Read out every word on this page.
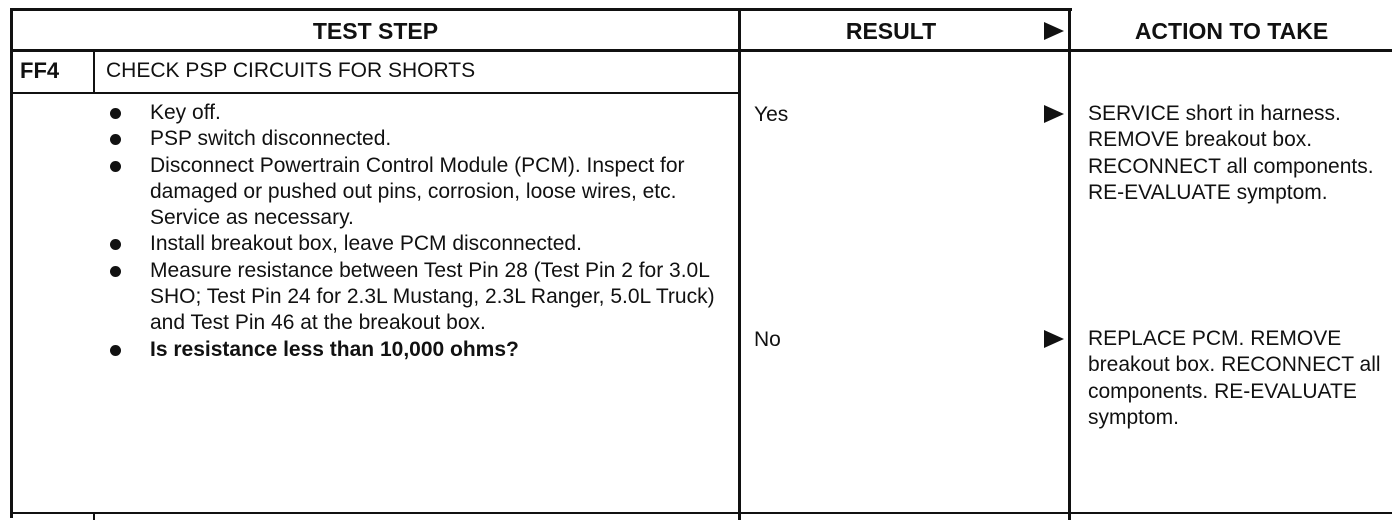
TEST STEP	RESULT	ACTION TO TAKE
FF4 CHECK PSP CIRCUITS FOR SHORTS
Key off.
PSP switch disconnected.
Disconnect Powertrain Control Module (PCM). Inspect for damaged or pushed out pins, corrosion, loose wires, etc. Service as necessary.
Install breakout box, leave PCM disconnected.
Measure resistance between Test Pin 28 (Test Pin 2 for 3.0L SHO; Test Pin 24 for 2.3L Mustang, 2.3L Ranger, 5.0L Truck) and Test Pin 46 at the breakout box.
Is resistance less than 10,000 ohms?
Yes	SERVICE short in harness. REMOVE breakout box. RECONNECT all components. RE-EVALUATE symptom.
No	REPLACE PCM. REMOVE breakout box. RECONNECT all components. RE-EVALUATE symptom.
